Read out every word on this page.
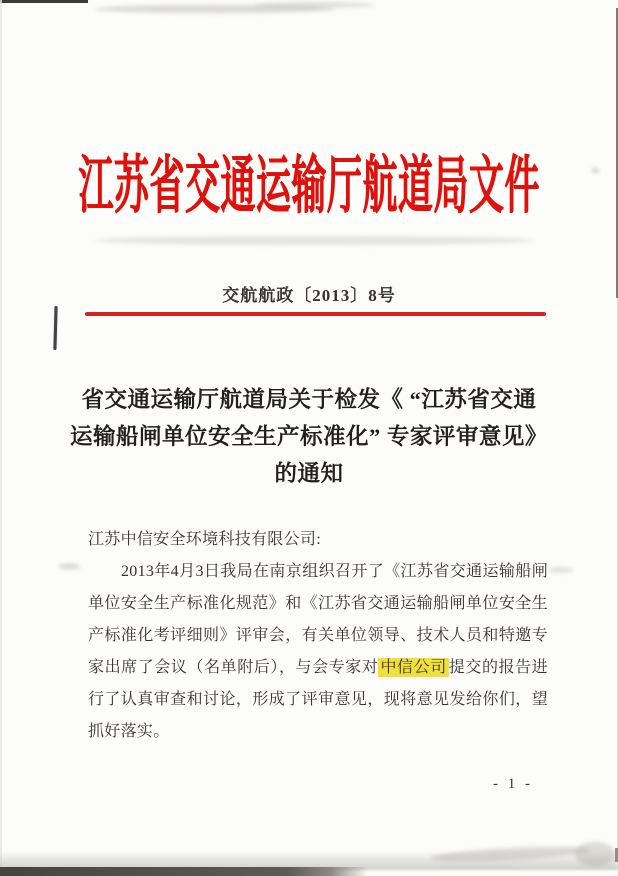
江苏省交通运输厅航道局文件
交航航政〔2013〕8号
省交通运输厅航道局关于检发《 “江苏省交通
运输船闸单位安全生产标准化” 专家评审意见》
的通知
江苏中信安全环境科技有限公司:
2013年4月3日我局在南京组织召开了《江苏省交通运输船闸
单位安全生产标准化规范》和《江苏省交通运输船闸单位安全生
产标准化考评细则》评审会，有关单位领导、技术人员和特邀专
家出席了会议（名单附后），与会专家对 中信公司 提交的报告进
行了认真审查和讨论，形成了评审意见，现将意见发给你们，望
抓好落实。
- 1 -
